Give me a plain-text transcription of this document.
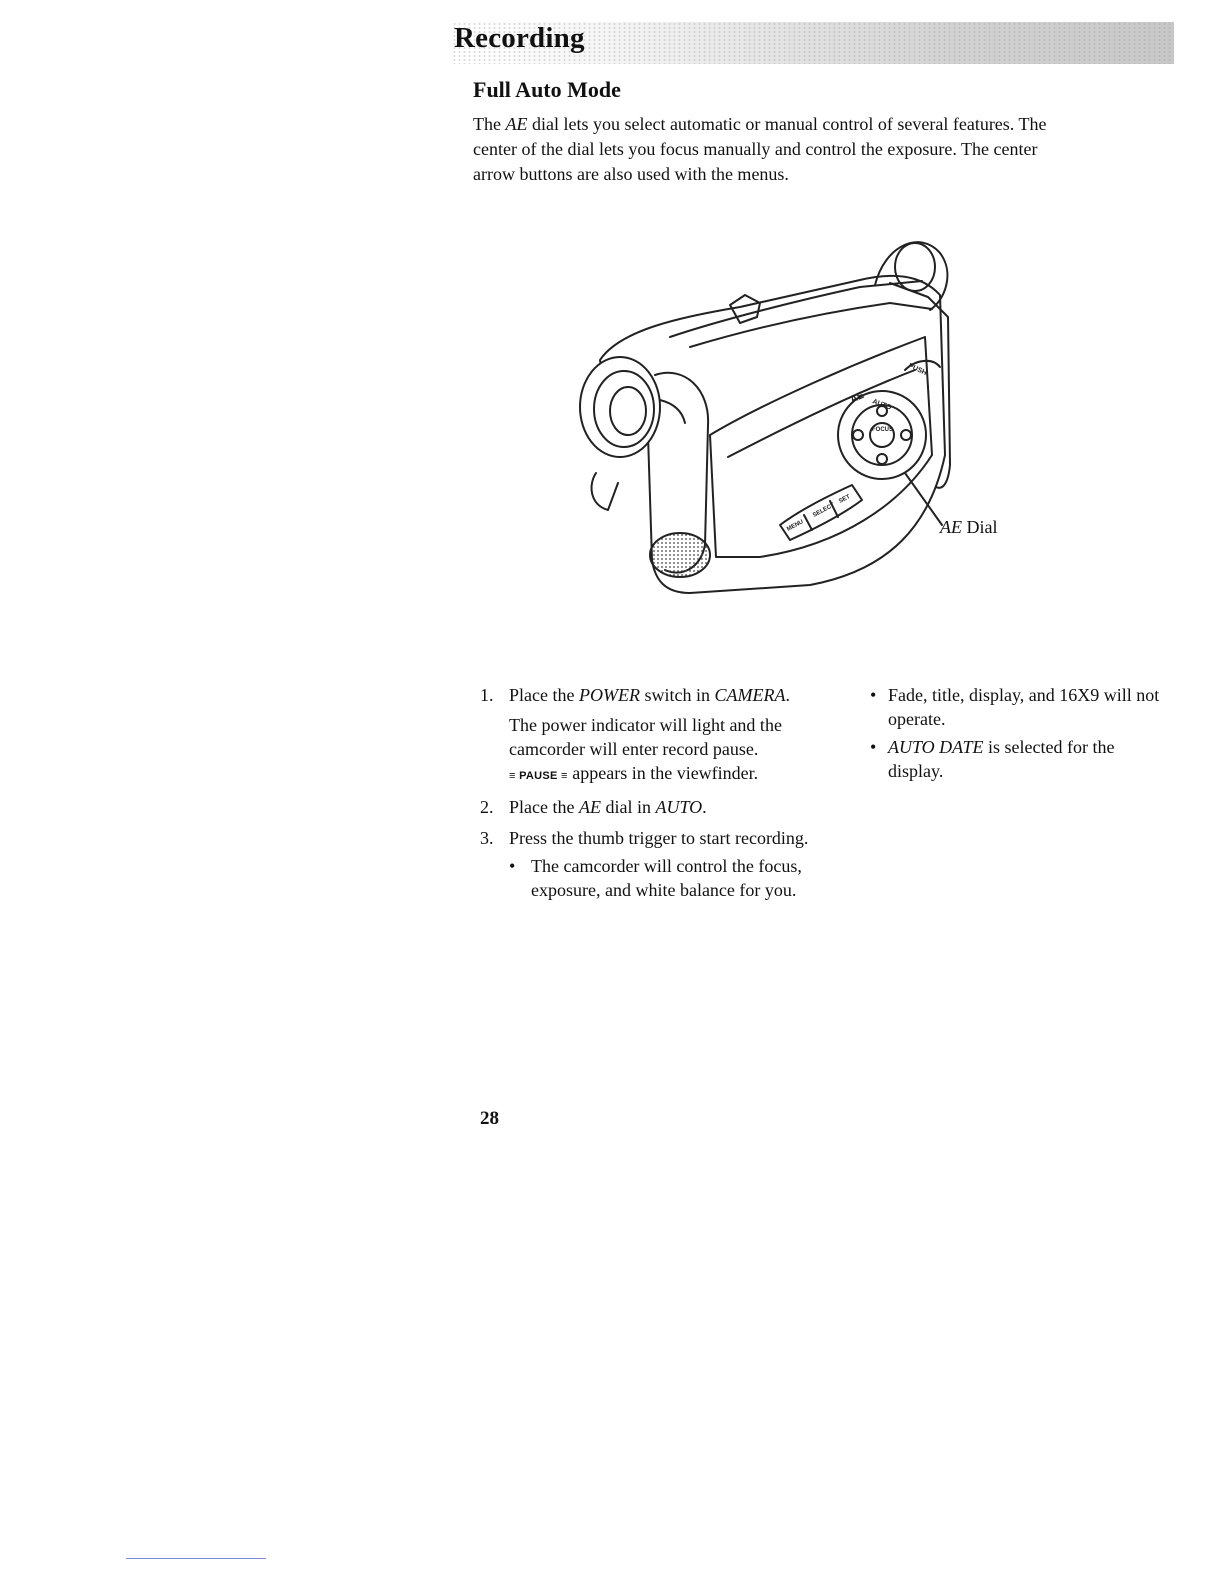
Recording
Full Auto Mode

The AE dial lets you select automatic or manual control of several features. The center of the dial lets you focus manually and control the exposure. The center arrow buttons are also used with the menus.

AE
PUSH
AUTO
FOCUS
MENU
SELECT
SET
AE Dial
1. Place the POWER switch in CAMERA.
The power indicator will light and the camcorder will enter record pause.
≡ PAUSE ≡ appears in the viewfinder.
2. Place the AE dial in AUTO.
3. Press the thumb trigger to start recording.
• The camcorder will control the focus, exposure, and white balance for you.
• Fade, title, display, and 16X9 will not operate.
• AUTO DATE is selected for the display.
28
